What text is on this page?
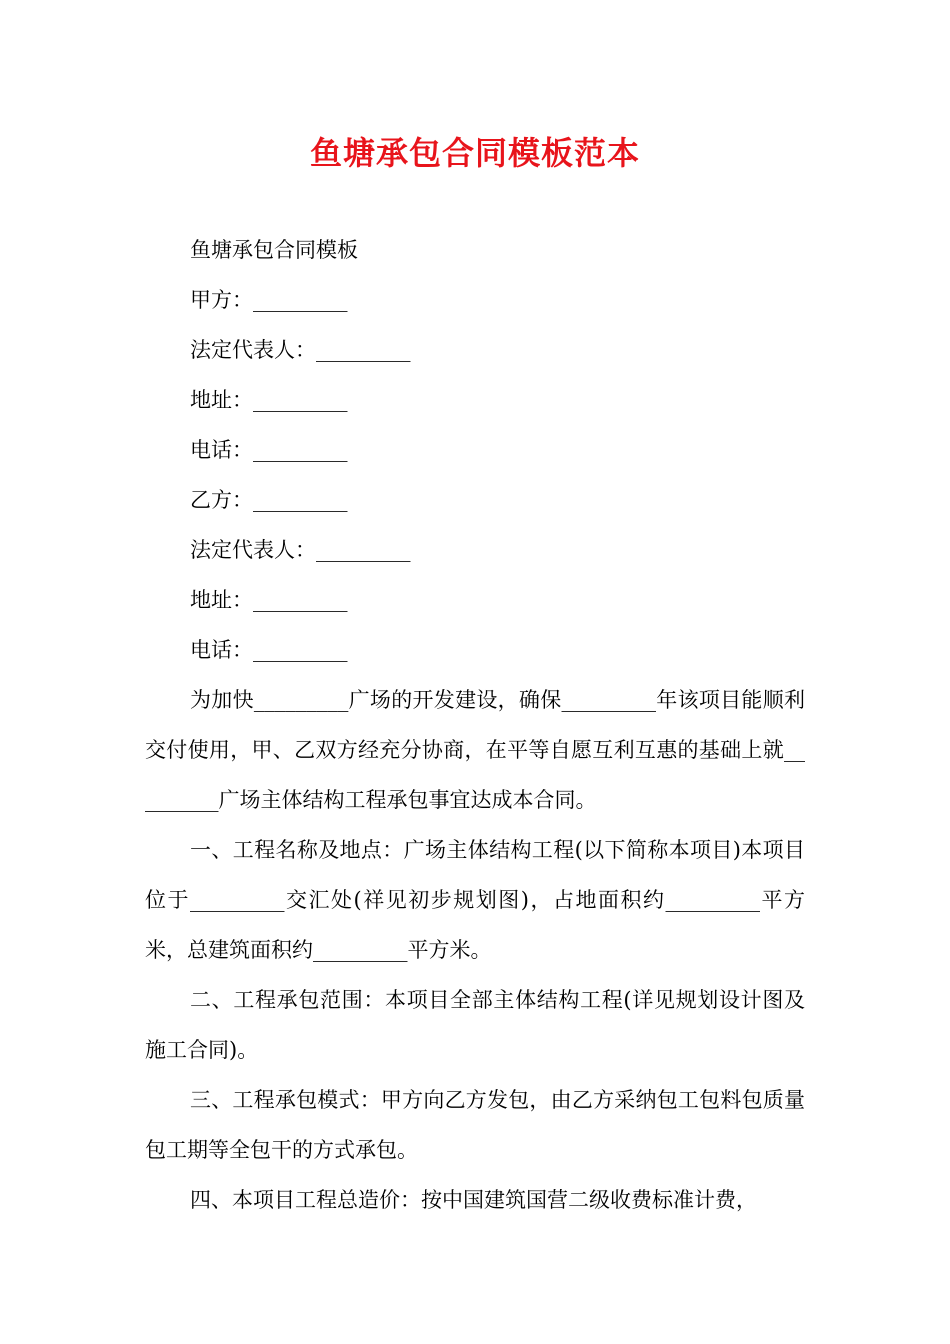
鱼塘承包合同模板范本

鱼塘承包合同模板

甲方：_________

法定代表人：_________

地址：_________

电话：_________

乙方：_________

法定代表人：_________

地址：_________

电话：_________

为加快_________广场的开发建设，确保_________年该项目能顺利交付使用，甲、乙双方经充分协商，在平等自愿互利互惠的基础上就_________广场主体结构工程承包事宜达成本合同。

一、工程名称及地点：广场主体结构工程(以下简称本项目)本项目位于_________交汇处(祥见初步规划图)，占地面积约_________平方米，总建筑面积约_________平方米。

二、工程承包范围：本项目全部主体结构工程(详见规划设计图及施工合同)。

三、工程承包模式：甲方向乙方发包，由乙方采纳包工包料包质量包工期等全包干的方式承包。

四、本项目工程总造价：按中国建筑国营二级收费标准计费，
